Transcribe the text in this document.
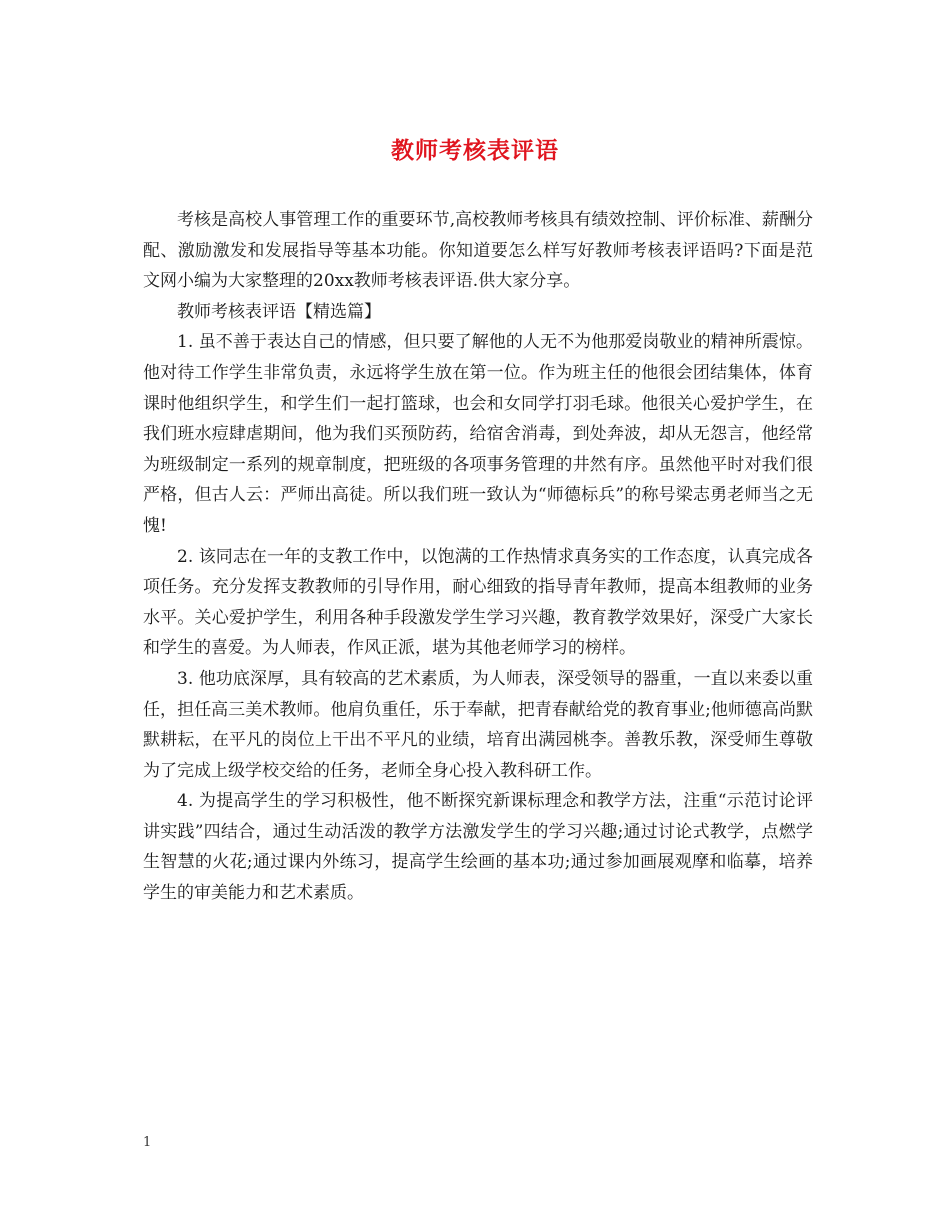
教师考核表评语

考核是高校人事管理工作的重要环节,高校教师考核具有绩效控制、评价标准、薪酬分配、激励激发和发展指导等基本功能。你知道要怎么样写好教师考核表评语吗?下面是范文网小编为大家整理的20xx教师考核表评语.供大家分享。

教师考核表评语【精选篇】

1. 虽不善于表达自己的情感，但只要了解他的人无不为他那爱岗敬业的精神所震惊。他对待工作学生非常负责，永远将学生放在第一位。作为班主任的他很会团结集体，体育课时他组织学生，和学生们一起打篮球，也会和女同学打羽毛球。他很关心爱护学生，在我们班水痘肆虐期间，他为我们买预防药，给宿舍消毒，到处奔波，却从无怨言，他经常为班级制定一系列的规章制度，把班级的各项事务管理的井然有序。虽然他平时对我们很严格，但古人云：严师出高徒。所以我们班一致认为“师德标兵”的称号梁志勇老师当之无愧!

2. 该同志在一年的支教工作中，以饱满的工作热情求真务实的工作态度，认真完成各项任务。充分发挥支教教师的引导作用，耐心细致的指导青年教师，提高本组教师的业务水平。关心爱护学生，利用各种手段激发学生学习兴趣，教育教学效果好，深受广大家长和学生的喜爱。为人师表，作风正派，堪为其他老师学习的榜样。

3. 他功底深厚，具有较高的艺术素质，为人师表，深受领导的器重，一直以来委以重任，担任高三美术教师。他肩负重任，乐于奉献，把青春献给党的教育事业;他师德高尚默默耕耘，在平凡的岗位上干出不平凡的业绩，培育出满园桃李。善教乐教，深受师生尊敬为了完成上级学校交给的任务，老师全身心投入教科研工作。

4. 为提高学生的学习积极性，他不断探究新课标理念和教学方法，注重“示范讨论评讲实践”四结合，通过生动活泼的教学方法激发学生的学习兴趣;通过讨论式教学，点燃学生智慧的火花;通过课内外练习，提高学生绘画的基本功;通过参加画展观摩和临摹，培养学生的审美能力和艺术素质。

1
